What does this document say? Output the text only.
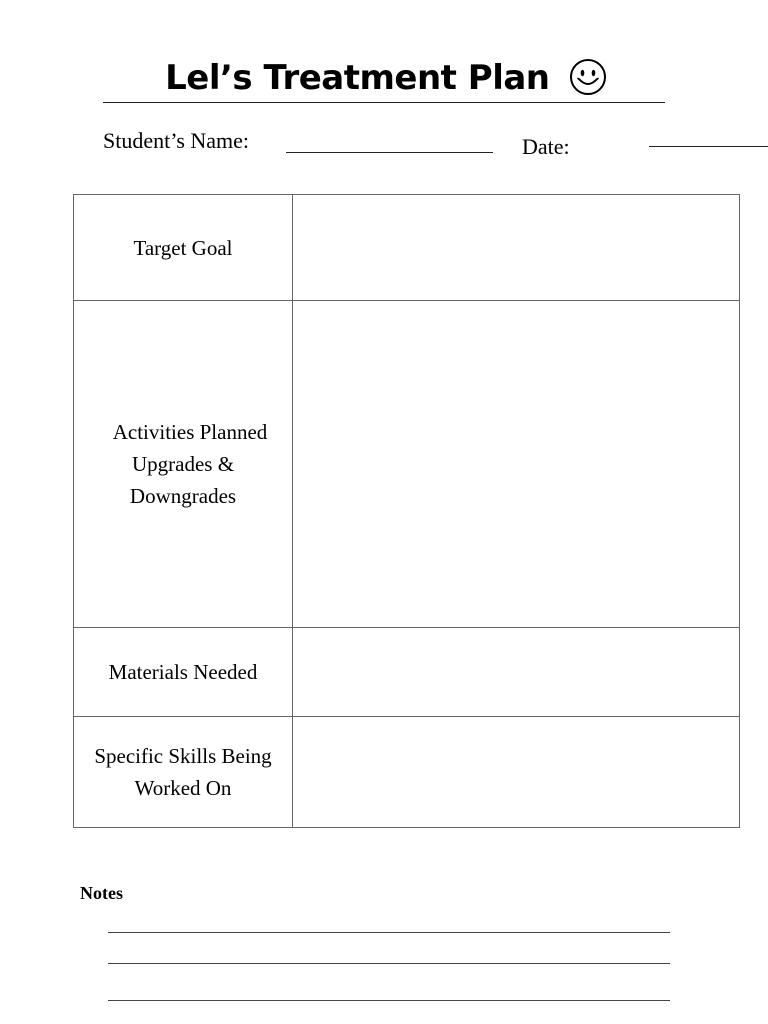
Lel’s Treatment Plan
Student’s Name:	Date:
Target Goal	

Activities Planned
Upgrades &
Downgrades	

Materials Needed	

Specific Skills Being
Worked On	

Notes
